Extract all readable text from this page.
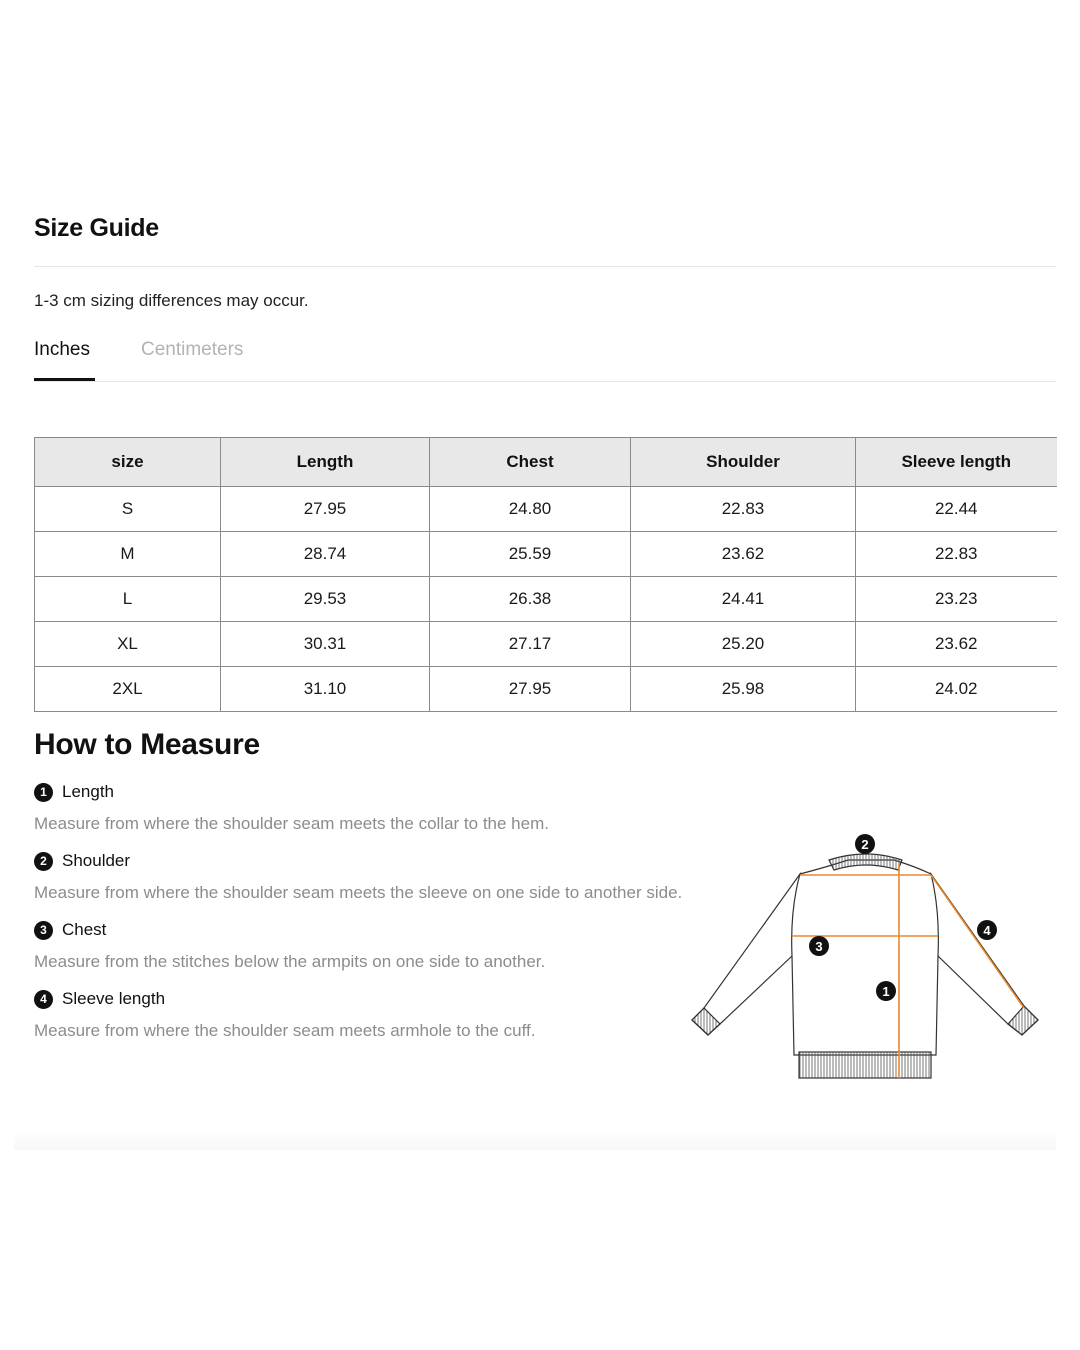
Size Guide
1-3 cm sizing differences may occur.
Inches	Centimeters
size	Length	Chest	Shoulder	Sleeve length
S	27.95	24.80	22.83	22.44
M	28.74	25.59	23.62	22.83
L	29.53	26.38	24.41	23.23
XL	30.31	27.17	25.20	23.62
2XL	31.10	27.95	25.98	24.02
How to Measure
1 Length
Measure from where the shoulder seam meets the collar to the hem.
2 Shoulder
Measure from where the shoulder seam meets the sleeve on one side to another side.
3 Chest
Measure from the stitches below the armpits on one side to another.
4 Sleeve length
Measure from where the shoulder seam meets armhole to the cuff.
1
2
3
4
